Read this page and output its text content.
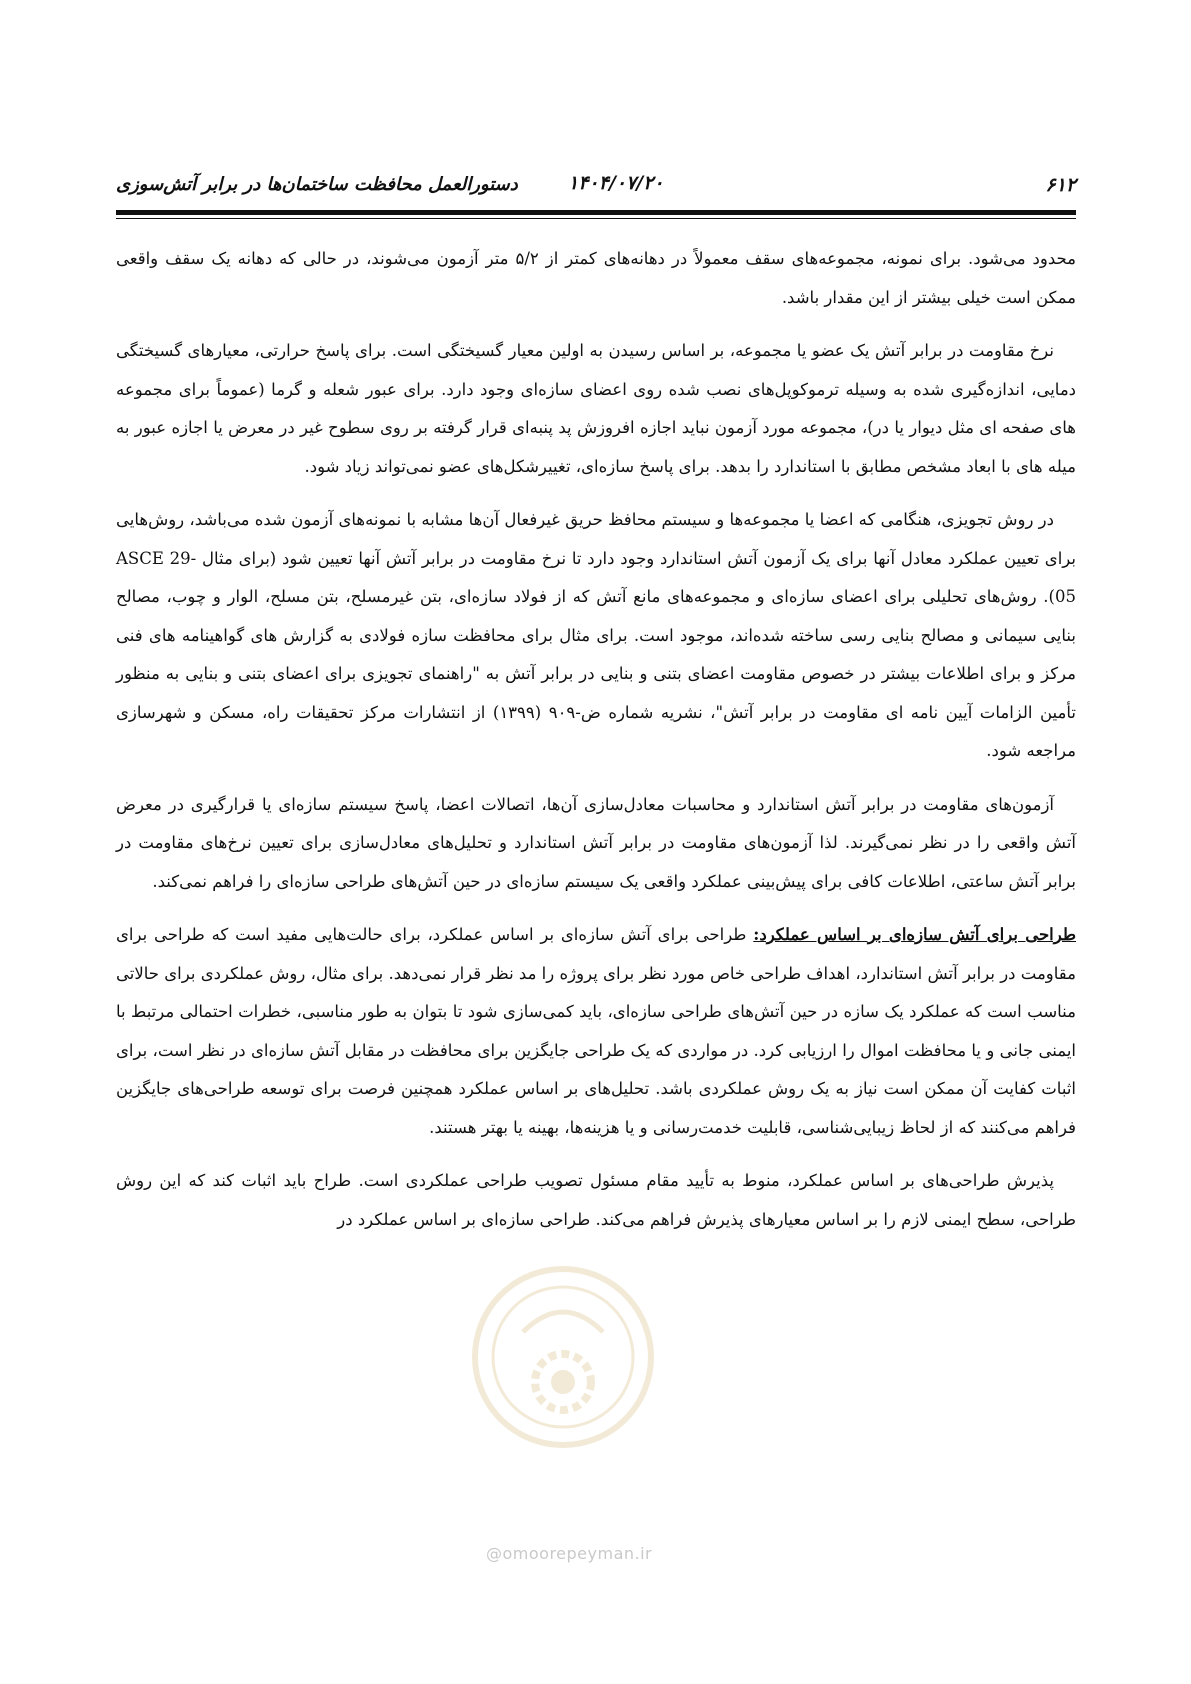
۶۱۲
۱۴۰۴/۰۷/۲۰
دستورالعمل محافظت ساختمان‌ها در برابر آتش‌سوزی

محدود می‌شود. برای نمونه، مجموعه‌های سقف معمولاً در دهانه‌های کمتر از ۵/۲ متر آزمون می‌شوند، در حالی که دهانه یک سقف واقعی ممکن است خیلی بیشتر از این مقدار باشد.

نرخ مقاومت در برابر آتش یک عضو یا مجموعه، بر اساس رسیدن به اولین معیار گسیختگی است. برای پاسخ حرارتی، معیارهای گسیختگی دمایی، اندازه‌گیری شده به وسیله ترموکوپل‌های نصب شده روی اعضای سازه‌ای وجود دارد. برای عبور شعله و گرما (عموماً برای مجموعه های صفحه ای مثل دیوار یا در)، مجموعه مورد آزمون نباید اجازه افروزش پد پنبه‌ای قرار گرفته بر روی سطوح غیر در معرض یا اجازه عبور به میله های با ابعاد مشخص مطابق با استاندارد را بدهد. برای پاسخ سازه‌ای، تغییرشکل‌های عضو نمی‌تواند زیاد شود.

در روش تجویزی، هنگامی که اعضا یا مجموعه‌ها و سیستم محافظ حریق غیرفعال آن‌ها مشابه با نمونه‌های آزمون شده می‌باشد، روش‌هایی برای تعیین عملکرد معادل آنها برای یک آزمون آتش استاندارد وجود دارد تا نرخ مقاومت در برابر آتش آنها تعیین شود (برای مثال ASCE 29-05). روش‌های تحلیلی برای اعضای سازه‌ای و مجموعه‌های مانع آتش که از فولاد سازه‌ای، بتن غیرمسلح، بتن مسلح، الوار و چوب، مصالح بنایی سیمانی و مصالح بنایی رسی ساخته شده‌اند، موجود است. برای مثال برای محافظت سازه فولادی به گزارش های گواهینامه های فنی مرکز و برای اطلاعات بیشتر در خصوص مقاومت اعضای بتنی و بنایی در برابر آتش به "راهنمای تجویزی برای اعضای بتنی و بنایی به منظور تأمین الزامات آیین نامه ای مقاومت در برابر آتش"، نشریه شماره ض-۹۰۹ (۱۳۹۹) از انتشارات مرکز تحقیقات راه، مسکن و شهرسازی مراجعه شود.

آزمون‌های مقاومت در برابر آتش استاندارد و محاسبات معادل‌سازی آن‌ها، اتصالات اعضا، پاسخ سیستم سازه‌ای یا قرارگیری در معرض آتش واقعی را در نظر نمی‌گیرند. لذا آزمون‌های مقاومت در برابر آتش استاندارد و تحلیل‌های معادل‌سازی برای تعیین نرخ‌های مقاومت در برابر آتش ساعتی، اطلاعات کافی برای پیش‌بینی عملکرد واقعی یک سیستم سازه‌ای در حین آتش‌های طراحی سازه‌ای را فراهم نمی‌کند.

طراحی برای آتش سازه‌ای بر اساس عملکرد: طراحی برای آتش سازه‌ای بر اساس عملکرد، برای حالت‌هایی مفید است که طراحی برای مقاومت در برابر آتش استاندارد، اهداف طراحی خاص مورد نظر برای پروژه را مد نظر قرار نمی‌دهد. برای مثال، روش عملکردی برای حالاتی مناسب است که عملکرد یک سازه در حین آتش‌های طراحی سازه‌ای، باید کمی‌سازی شود تا بتوان به طور مناسبی، خطرات احتمالی مرتبط با ایمنی جانی و یا محافظت اموال را ارزیابی کرد. در مواردی که یک طراحی جایگزین برای محافظت در مقابل آتش سازه‌ای در نظر است، برای اثبات کفایت آن ممکن است نیاز به یک روش عملکردی باشد. تحلیل‌های بر اساس عملکرد همچنین فرصت برای توسعه طراحی‌های جایگزین فراهم می‌کنند که از لحاظ زیبایی‌شناسی، قابلیت خدمت‌رسانی و یا هزینه‌ها، بهینه یا بهتر هستند.

پذیرش طراحی‌های بر اساس عملکرد، منوط به تأیید مقام مسئول تصویب طراحی عملکردی است. طراح باید اثبات کند که این روش طراحی، سطح ایمنی لازم را بر اساس معیارهای پذیرش فراهم می‌کند. طراحی سازه‌ای بر اساس عملکرد در

@omoorepeyman.ir
